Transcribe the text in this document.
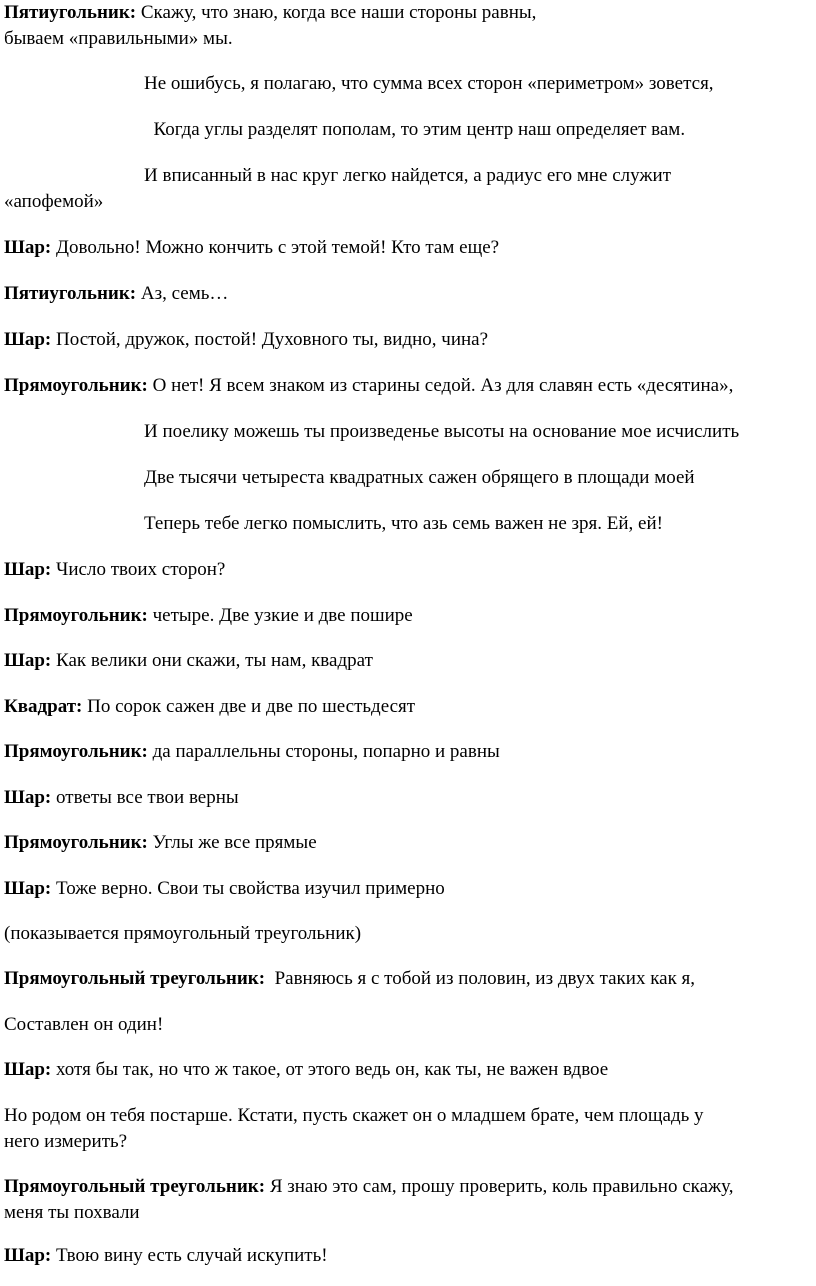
Пятиугольник: Скажу, что знаю, когда все наши стороны равны,
бываем «правильными» мы.

Не ошибусь, я полагаю, что сумма всех сторон «периметром» зовется,

Когда углы разделят пополам, то этим центр наш определяет вам.

И вписанный в нас круг легко найдется, а радиус его мне служит

«апофемой»

Шар: Довольно! Можно кончить с этой темой! Кто там еще?

Пятиугольник: Аз, семь…

Шар: Постой, дружок, постой! Духовного ты, видно, чина?

Прямоугольник: О нет! Я всем знаком из старины седой. Аз для славян есть «десятина»,

И поелику можешь ты произведенье высоты на основание мое исчислить

Две тысячи четыреста квадратных сажен обрящего в площади моей

Теперь тебе легко помыслить, что азь семь важен не зря. Ей, ей!

Шар: Число твоих сторон?

Прямоугольник: четыре. Две узкие и две пошире

Шар: Как велики они скажи, ты нам, квадрат

Квадрат: По сорок сажен две и две по шестьдесят

Прямоугольник: да параллельны стороны, попарно и равны

Шар: ответы все твои верны

Прямоугольник: Углы же все прямые

Шар: Тоже верно. Свои ты свойства изучил примерно

(показывается прямоугольный треугольник)

Прямоугольный треугольник:  Равняюсь я с тобой из половин, из двух таких как я,

Составлен он один!

Шар: хотя бы так, но что ж такое, от этого ведь он, как ты, не важен вдвое

Но родом он тебя постарше. Кстати, пусть скажет он о младшем брате, чем площадь у
него измерить?

Прямоугольный треугольник: Я знаю это сам, прошу проверить, коль правильно скажу,
меня ты похвали

Шар: Твою вину есть случай искупить!
